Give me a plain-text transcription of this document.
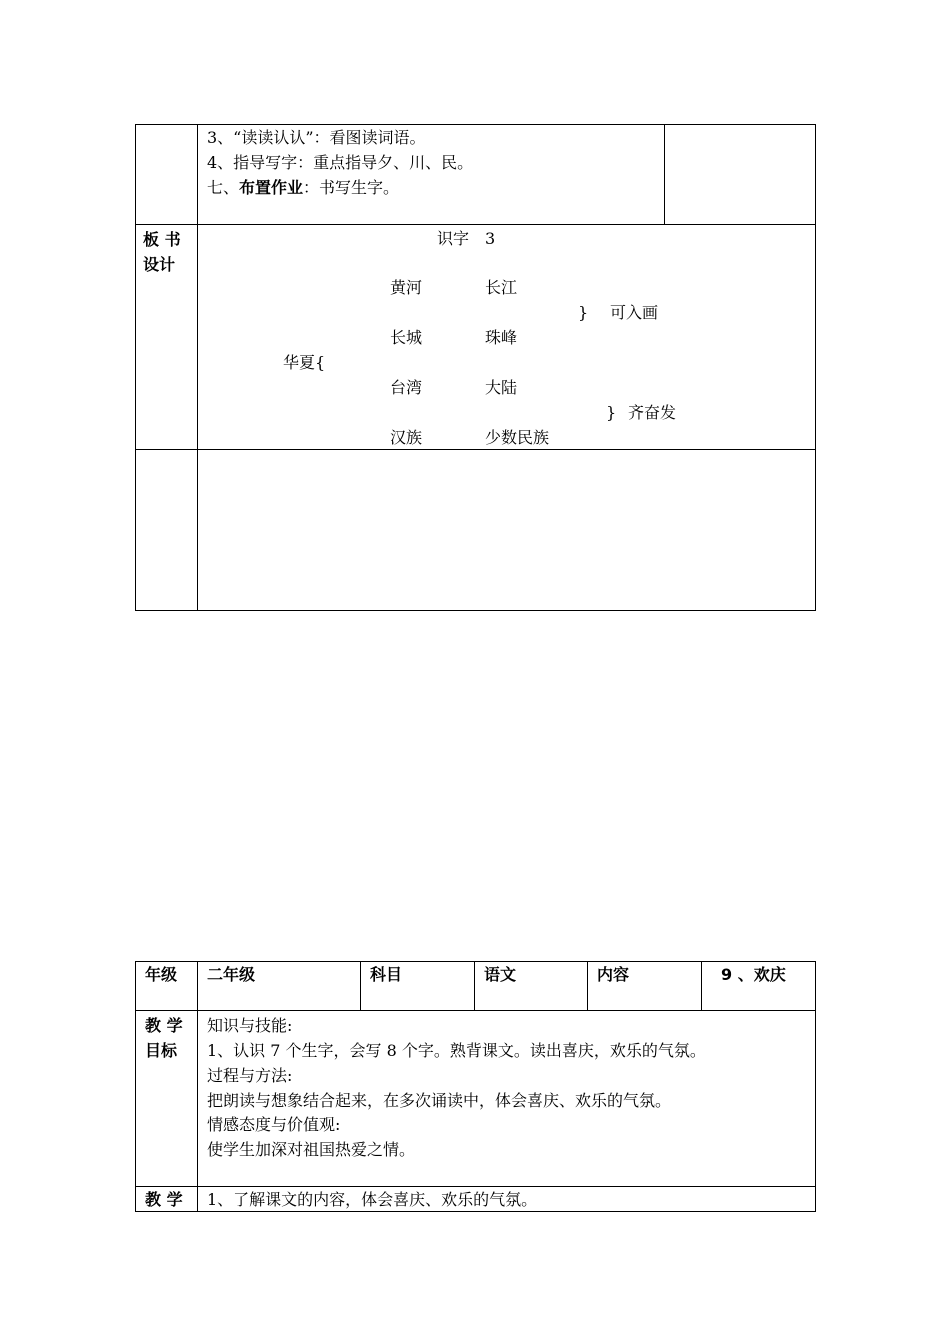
3、“读读认认”：看图读词语。
4、指导写字：重点指导夕、川、民。
七、布置作业：书写生字。
板 书
设计
识字　3
黄河	长江
} 可入画
长城	珠峰
华夏{
台湾	大陆
} 齐奋发
汉族	少数民族
年级 二年级	科目	语文	内容	9 、欢庆
教 学
目标
知识与技能:
1、认识 7 个生字，会写 8 个字。熟背课文。读出喜庆，欢乐的气氛。
过程与方法:
把朗读与想象结合起来，在多次诵读中，体会喜庆、欢乐的气氛。
情感态度与价值观:
使学生加深对祖国热爱之情。
教 学 1、了解课文的内容，体会喜庆、欢乐的气氛。
